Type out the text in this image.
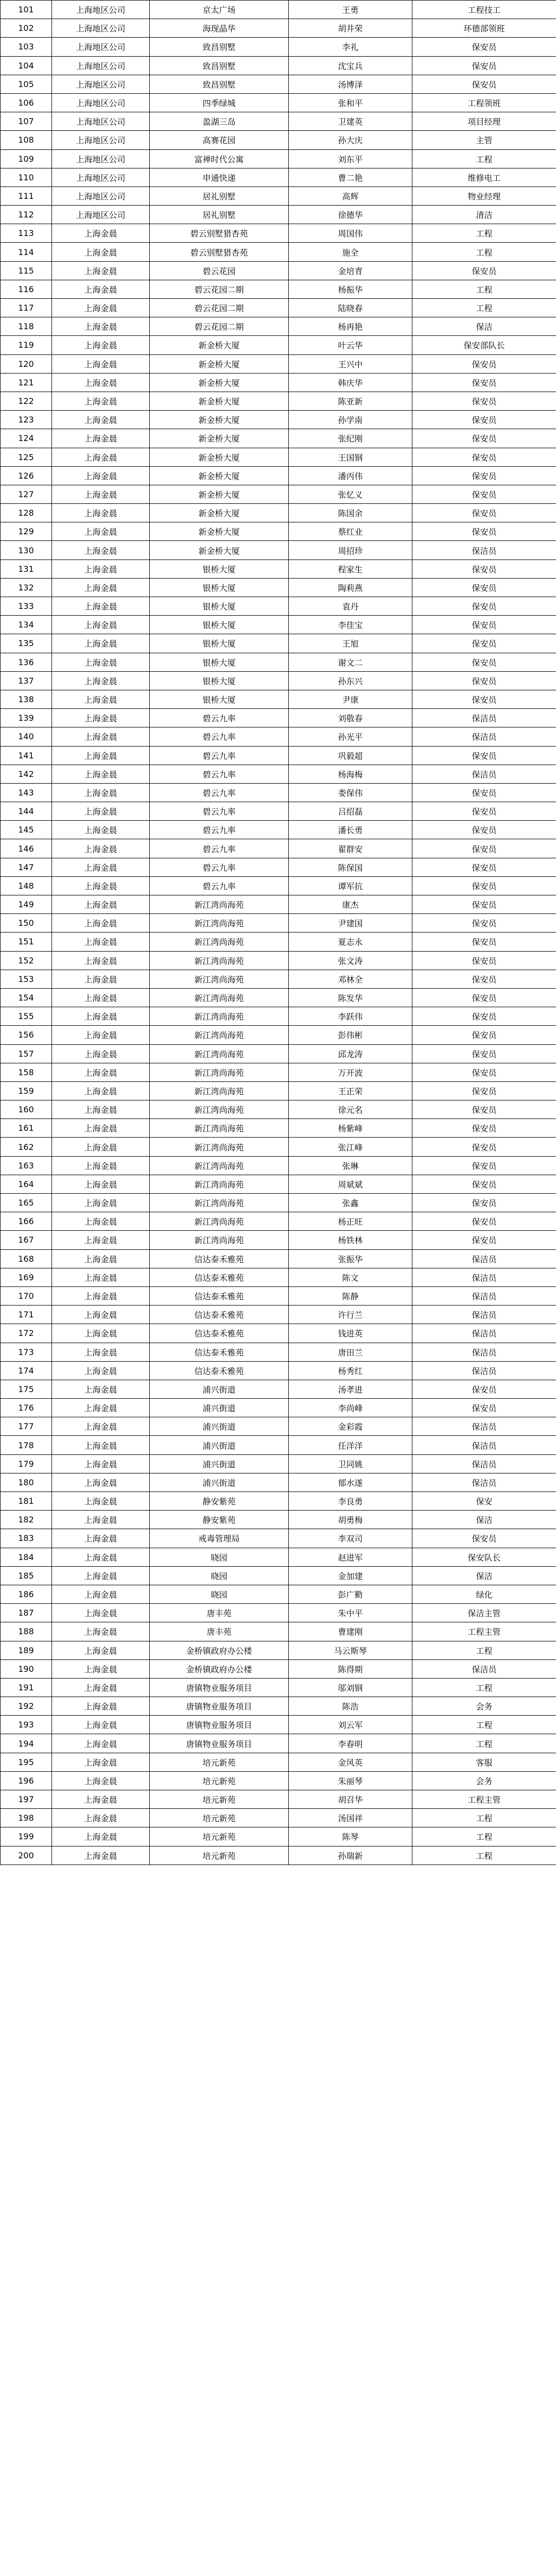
101	上海地区公司	京太广场	王勇	工程技工
102	上海地区公司	海现晶华	胡井荣	环德部领班
103	上海地区公司	致昌别墅	李礼	保安员
104	上海地区公司	致昌别墅	沈宝兵	保安员
105	上海地区公司	致昌别墅	汤博泽	保安员
106	上海地区公司	四季绿城	张和平	工程领班
107	上海地区公司	盈湖三岛	卫建英	项目经理
108	上海地区公司	高赛花园	孙大庆	主管
109	上海地区公司	富禅时代公寓	刘东平	工程
110	上海地区公司	申通快递	曹二艳	维修电工
111	上海地区公司	居礼别墅	高辉	物业经理
112	上海地区公司	居礼别墅	徐德华	清洁
113	上海金晨	碧云别墅猎杏苑	周国伟	工程
114	上海金晨	碧云别墅猎杏苑	施全	工程
115	上海金晨	碧云花园	金培青	保安员
116	上海金晨	碧云花园二期	杨振华	工程
117	上海金晨	碧云花园二期	陆晓春	工程
118	上海金晨	碧云花园二期	杨再艳	保洁
119	上海金晨	新金桥大厦	叶云华	保安部队长
120	上海金晨	新金桥大厦	王兴中	保安员
121	上海金晨	新金桥大厦	韩庆华	保安员
122	上海金晨	新金桥大厦	陈亚新	保安员
123	上海金晨	新金桥大厦	孙学南	保安员
124	上海金晨	新金桥大厦	张纪刚	保安员
125	上海金晨	新金桥大厦	王国钢	保安员
126	上海金晨	新金桥大厦	潘丙伟	保安员
127	上海金晨	新金桥大厦	张忆义	保安员
128	上海金晨	新金桥大厦	陈国余	保安员
129	上海金晨	新金桥大厦	蔡红业	保安员
130	上海金晨	新金桥大厦	周招珍	保洁员
131	上海金晨	银桥大厦	程家生	保安员
132	上海金晨	银桥大厦	陶莉燕	保安员
133	上海金晨	银桥大厦	袁丹	保安员
134	上海金晨	银桥大厦	李佳宝	保安员
135	上海金晨	银桥大厦	王旭	保安员
136	上海金晨	银桥大厦	谢文二	保安员
137	上海金晨	银桥大厦	孙东兴	保安员
138	上海金晨	银桥大厦	尹康	保安员
139	上海金晨	碧云九率	刘敬春	保洁员
140	上海金晨	碧云九率	孙光平	保洁员
141	上海金晨	碧云九率	巩毅超	保安员
142	上海金晨	碧云九率	杨海梅	保洁员
143	上海金晨	碧云九率	娄保伟	保安员
144	上海金晨	碧云九率	吕绍磊	保安员
145	上海金晨	碧云九率	潘长勇	保安员
146	上海金晨	碧云九率	翟群安	保安员
147	上海金晨	碧云九率	陈保国	保安员
148	上海金晨	碧云九率	谭军抗	保安员
149	上海金晨	新江湾尚海苑	康杰	保安员
150	上海金晨	新江湾尚海苑	尹建国	保安员
151	上海金晨	新江湾尚海苑	夏志永	保安员
152	上海金晨	新江湾尚海苑	张文涛	保安员
153	上海金晨	新江湾尚海苑	邓林全	保安员
154	上海金晨	新江湾尚海苑	陈发华	保安员
155	上海金晨	新江湾尚海苑	李跃伟	保安员
156	上海金晨	新江湾尚海苑	彭伟彬	保安员
157	上海金晨	新江湾尚海苑	邱龙涛	保安员
158	上海金晨	新江湾尚海苑	万开波	保安员
159	上海金晨	新江湾尚海苑	王正荣	保安员
160	上海金晨	新江湾尚海苑	徐元名	保安员
161	上海金晨	新江湾尚海苑	杨紫峰	保安员
162	上海金晨	新江湾尚海苑	张江峰	保安员
163	上海金晨	新江湾尚海苑	张琳	保安员
164	上海金晨	新江湾尚海苑	周斌斌	保安员
165	上海金晨	新江湾尚海苑	张鑫	保安员
166	上海金晨	新江湾尚海苑	杨正旺	保安员
167	上海金晨	新江湾尚海苑	杨铁林	保安员
168	上海金晨	信达泰禾雅苑	张振华	保洁员
169	上海金晨	信达泰禾雅苑	陈文	保洁员
170	上海金晨	信达泰禾雅苑	陈静	保洁员
171	上海金晨	信达泰禾雅苑	许行兰	保洁员
172	上海金晨	信达泰禾雅苑	钱进英	保洁员
173	上海金晨	信达泰禾雅苑	唐田兰	保洁员
174	上海金晨	信达泰禾雅苑	杨秀红	保洁员
175	上海金晨	浦兴街道	汤孝进	保安员
176	上海金晨	浦兴街道	李尚峰	保安员
177	上海金晨	浦兴街道	金彩霞	保洁员
178	上海金晨	浦兴街道	任洋洋	保洁员
179	上海金晨	浦兴街道	卫同姚	保洁员
180	上海金晨	浦兴街道	郁水遂	保洁员
181	上海金晨	静安紫苑	李良勇	保安
182	上海金晨	静安紫苑	胡勇梅	保洁
183	上海金晨	戒毒管理局	李双司	保安员
184	上海金晨	晓园	赵进军	保安队长
185	上海金晨	晓园	金加建	保洁
186	上海金晨	晓园	彭广勤	绿化
187	上海金晨	唐丰苑	朱中平	保洁主管
188	上海金晨	唐丰苑	曹建刚	工程主管
189	上海金晨	金桥镇政府办公楼	马云斯琴	工程
190	上海金晨	金桥镇政府办公楼	陈得期	保洁员
191	上海金晨	唐镇物业服务项目	邬刘钢	工程
192	上海金晨	唐镇物业服务项目	陈浩	会务
193	上海金晨	唐镇物业服务项目	刘云军	工程
194	上海金晨	唐镇物业服务项目	李春明	工程
195	上海金晨	培元新苑	金风英	客服
196	上海金晨	培元新苑	朱丽琴	会务
197	上海金晨	培元新苑	胡召华	工程主管
198	上海金晨	培元新苑	汤国祥	工程
199	上海金晨	培元新苑	陈琴	工程
200	上海金晨	培元新苑	孙瑞新	工程
